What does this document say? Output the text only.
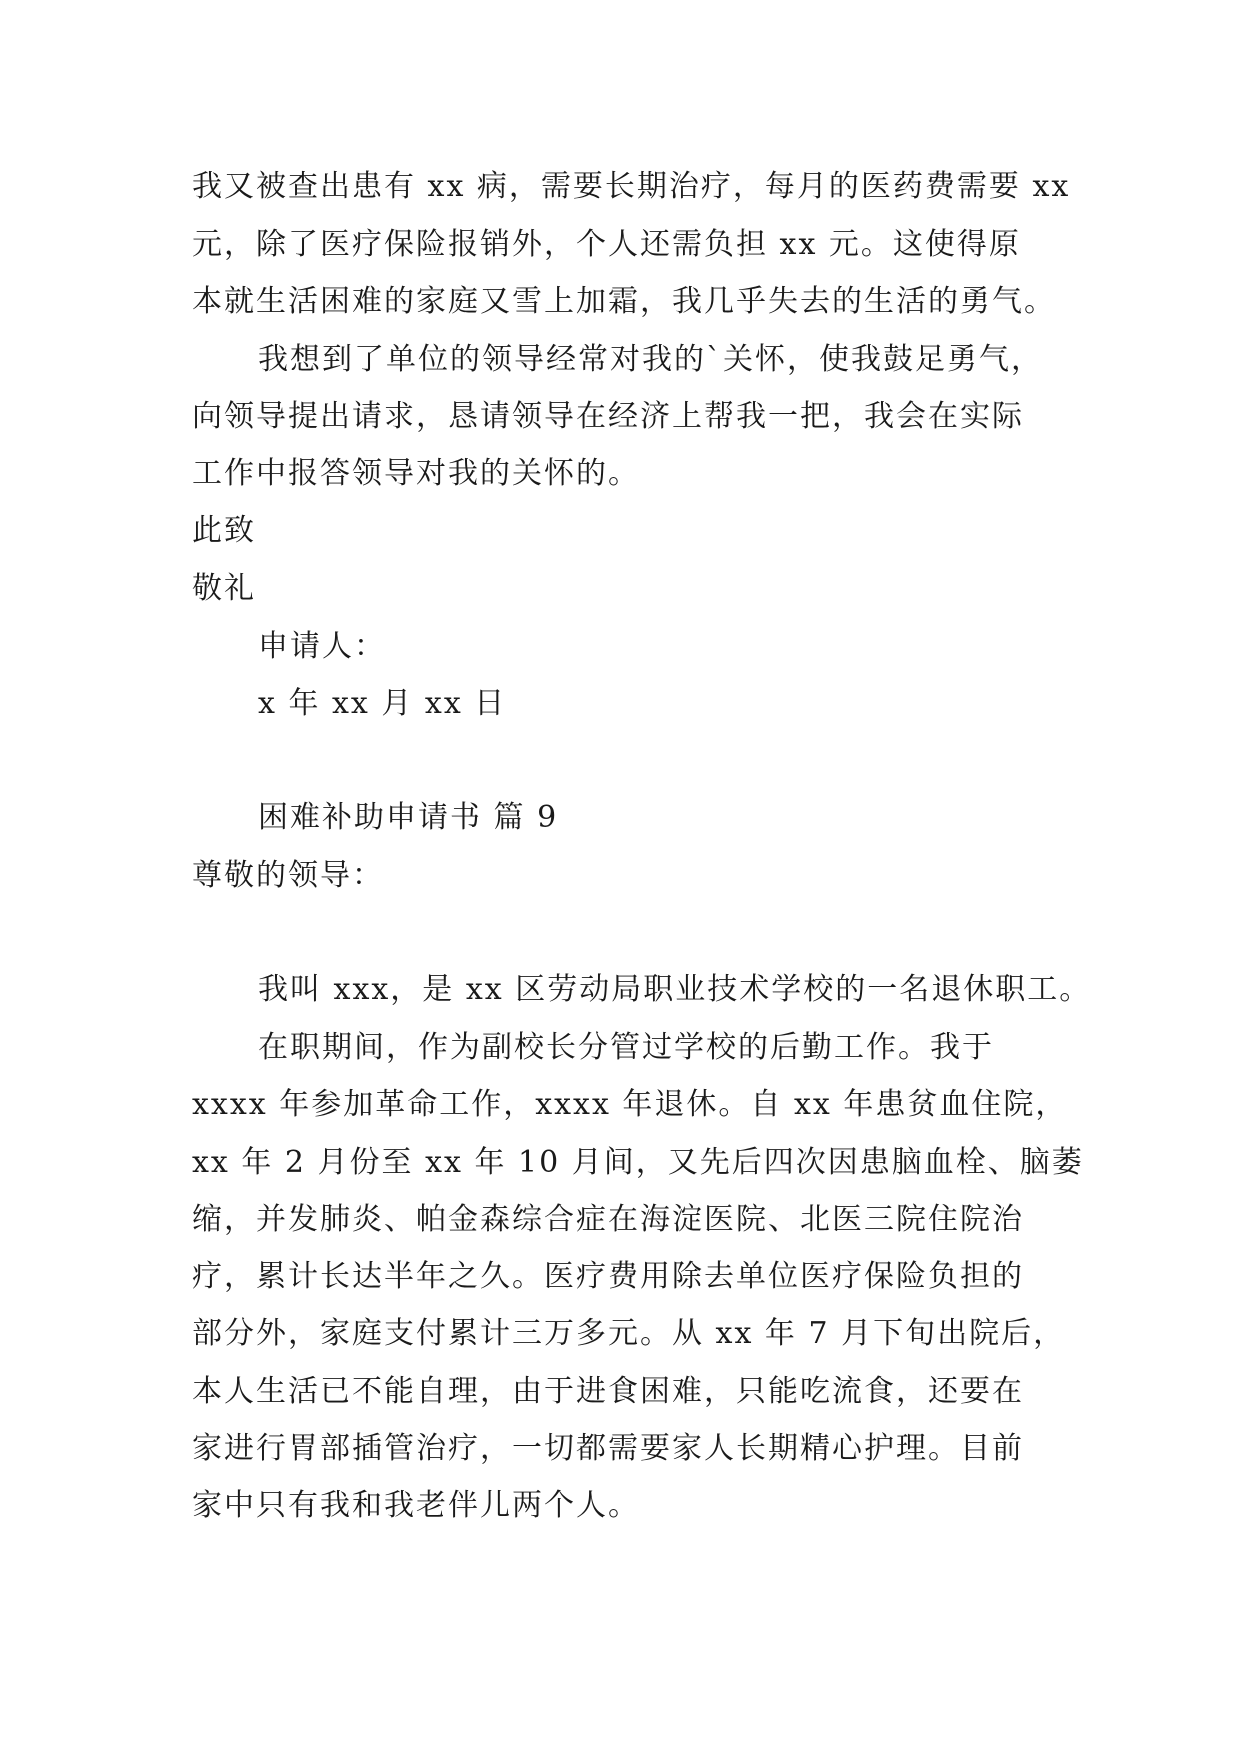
我又被查出患有 xx 病，需要长期治疗，每月的医药费需要 xx
元，除了医疗保险报销外，个人还需负担 xx 元。这使得原
本就生活困难的家庭又雪上加霜，我几乎失去的生活的勇气。
我想到了单位的领导经常对我的`关怀，使我鼓足勇气，
向领导提出请求，恳请领导在经济上帮我一把，我会在实际
工作中报答领导对我的关怀的。
此致
敬礼
申请人：
x 年 xx 月 xx 日
困难补助申请书 篇 9
尊敬的领导：
我叫 xxx，是 xx 区劳动局职业技术学校的一名退休职工。
在职期间，作为副校长分管过学校的后勤工作。我于
xxxx 年参加革命工作，xxxx 年退休。自 xx 年患贫血住院，
xx 年 2 月份至 xx 年 10 月间，又先后四次因患脑血栓、脑萎
缩，并发肺炎、帕金森综合症在海淀医院、北医三院住院治
疗，累计长达半年之久。医疗费用除去单位医疗保险负担的
部分外，家庭支付累计三万多元。从 xx 年 7 月下旬出院后，
本人生活已不能自理，由于进食困难，只能吃流食，还要在
家进行胃部插管治疗，一切都需要家人长期精心护理。目前
家中只有我和我老伴儿两个人。
